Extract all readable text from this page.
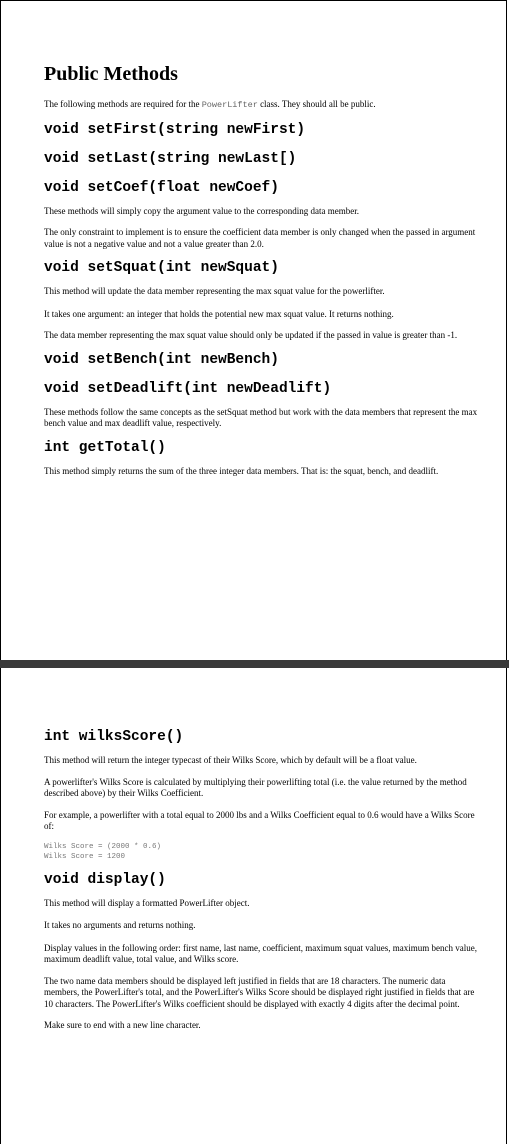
Public Methods

The following methods are required for the PowerLifter class. They should all be public.

void setFirst(string newFirst)
void setLast(string newLast[)
void setCoef(float newCoef)

These methods will simply copy the argument value to the corresponding data member.

The only constraint to implement is to ensure the coefficient data member is only changed when the passed in argument value is not a negative value and not a value greater than 2.0.

void setSquat(int newSquat)

This method will update the data member representing the max squat value for the powerlifter.

It takes one argument: an integer that holds the potential new max squat value. It returns nothing.

The data member representing the max squat value should only be updated if the passed in value is greater than -1.

void setBench(int newBench)
void setDeadlift(int newDeadlift)

These methods follow the same concepts as the setSquat method but work with the data members that represent the max bench value and max deadlift value, respectively.

int getTotal()

This method simply returns the sum of the three integer data members. That is: the squat, bench, and deadlift.

int wilksScore()

This method will return the integer typecast of their Wilks Score, which by default will be a float value.

A powerlifter's Wilks Score is calculated by multiplying their powerlifting total (i.e. the value returned by the method described above) by their Wilks Coefficient.

For example, a powerlifter with a total equal to 2000 lbs and a Wilks Coefficient equal to 0.6 would have a Wilks Score of:

Wilks Score = (2000 * 0.6)
Wilks Score = 1200
void display()

This method will display a formatted PowerLifter object.

It takes no arguments and returns nothing.

Display values in the following order: first name, last name, coefficient, maximum squat values, maximum bench value, maximum deadlift value, total value, and Wilks score.

The two name data members should be displayed left justified in fields that are 18 characters. The numeric data members, the PowerLifter's total, and the PowerLifter's Wilks Score should be displayed right justified in fields that are 10 characters. The PowerLifter's Wilks coefficient should be displayed with exactly 4 digits after the decimal point.

Make sure to end with a new line character.
